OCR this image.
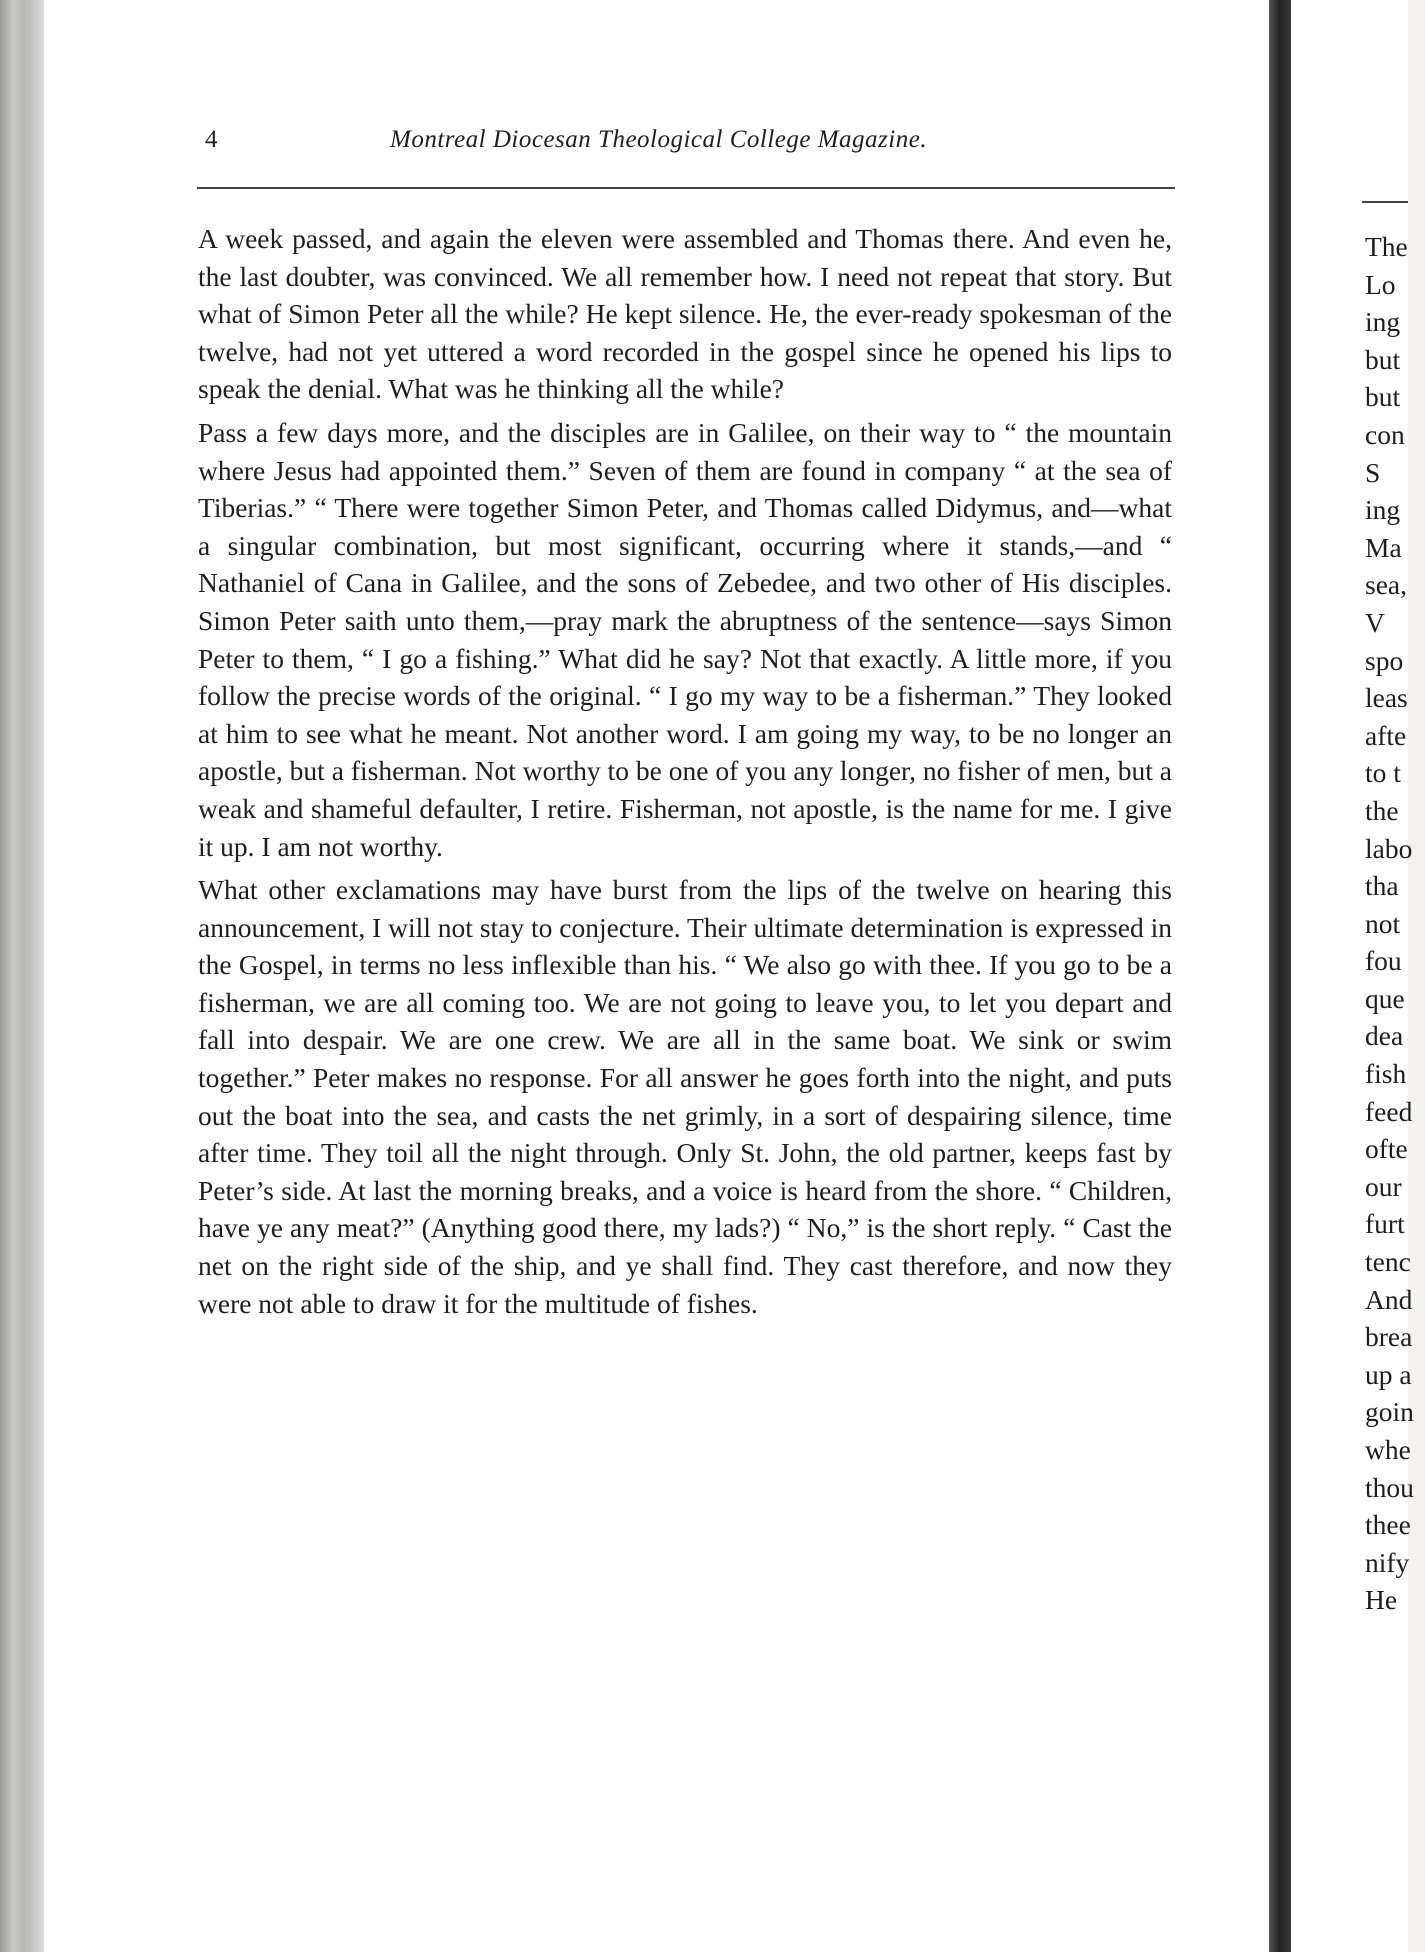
4	Montreal Diocesan Theological College Magazine.

A week passed, and again the eleven were assembled and Thomas there. And even he, the last doubter, was convinced. We all remember how. I need not repeat that story. But what of Simon Peter all the while? He kept silence. He, the ever-ready spokesman of the twelve, had not yet uttered a word recorded in the gospel since he opened his lips to speak the denial. What was he thinking all the while?

Pass a few days more, and the disciples are in Galilee, on their way to “ the mountain where Jesus had appointed them.” Seven of them are found in company “ at the sea of Tiberias.” “ There were together Simon Peter, and Thomas called Didymus, and—what a singular combination, but most significant, occurring where it stands,—and “ Nathaniel of Cana in Galilee, and the sons of Zebedee, and two other of His disciples. Simon Peter saith unto them,—pray mark the abruptness of the sentence—says Simon Peter to them, “ I go a fishing.” What did he say? Not that exactly. A little more, if you follow the precise words of the original. “ I go my way to be a fisherman.” They looked at him to see what he meant. Not another word. I am going my way, to be no longer an apostle, but a fisherman. Not worthy to be one of you any longer, no fisher of men, but a weak and shameful defaulter, I retire. Fisherman, not apostle, is the name for me. I give it up. I am not worthy.

What other exclamations may have burst from the lips of the twelve on hearing this announcement, I will not stay to conjecture. Their ultimate determination is expressed in the Gospel, in terms no less inflexible than his. “ We also go with thee. If you go to be a fisherman, we are all coming too. We are not going to leave you, to let you depart and fall into despair. We are one crew. We are all in the same boat. We sink or swim together.” Peter makes no response. For all answer he goes forth into the night, and puts out the boat into the sea, and casts the net grimly, in a sort of despairing silence, time after time. They toil all the night through. Only St. John, the old partner, keeps fast by Peter’s side. At last the morning breaks, and a voice is heard from the shore. “ Children, have ye any meat?” (Anything good there, my lads?) “ No,” is the short reply. “ Cast the net on the right side of the ship, and ye shall find. They cast therefore, and now they were not able to draw it for the multitude of fishes.

The
Lo
ing
but
but
con
S
ing
Ma
sea,
V
spo
leas
afte
to t
the
labo
tha
not
fou
que
dea
fish
feed
ofte
our
furt
tenc
And
brea
up a
goin
whe
thou
thee
nify
He
